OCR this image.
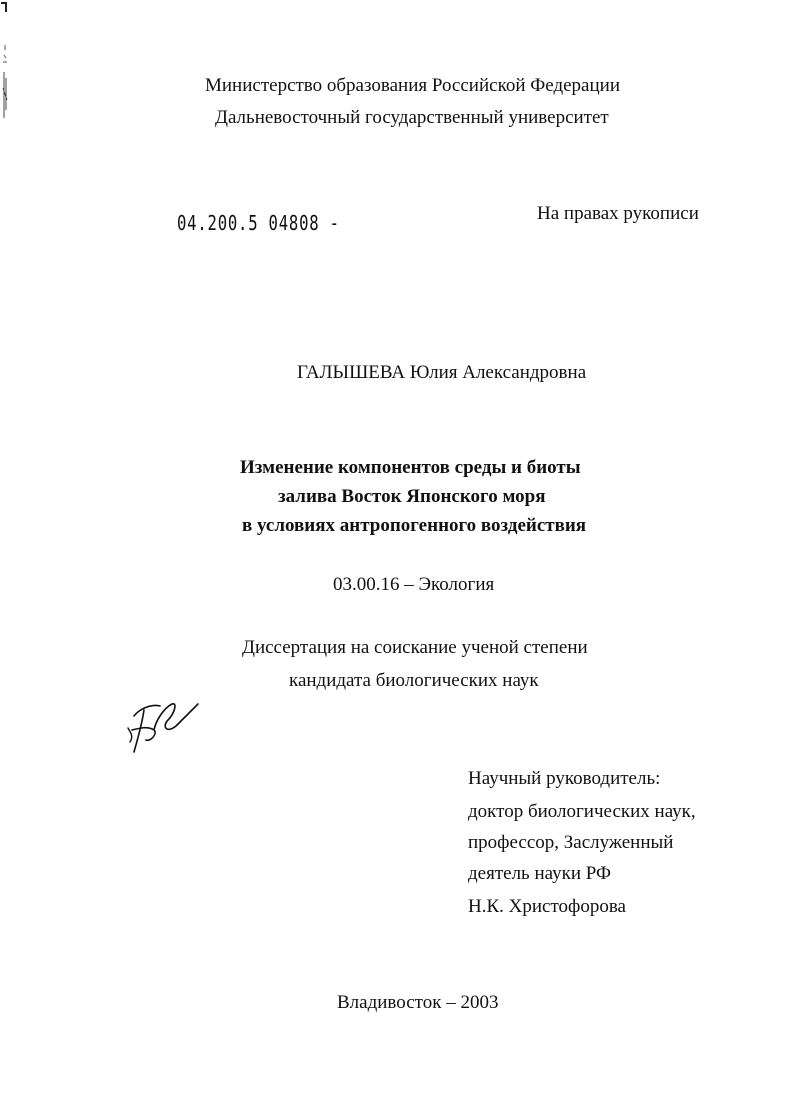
Министерство образования Российской Федерации
Дальневосточный государственный университет
04.200.5 04808 -	На правах рукописи
ГАЛЫШЕВА Юлия Александровна
Изменение компонентов среды и биоты
залива Восток Японского моря
в условиях антропогенного воздействия
03.00.16 – Экология
Диссертация на соискание ученой степени
кандидата биологических наук
Научный руководитель:
доктор биологических наук,
профессор, Заслуженный
деятель науки РФ
Н.К. Христофорова
Владивосток – 2003
